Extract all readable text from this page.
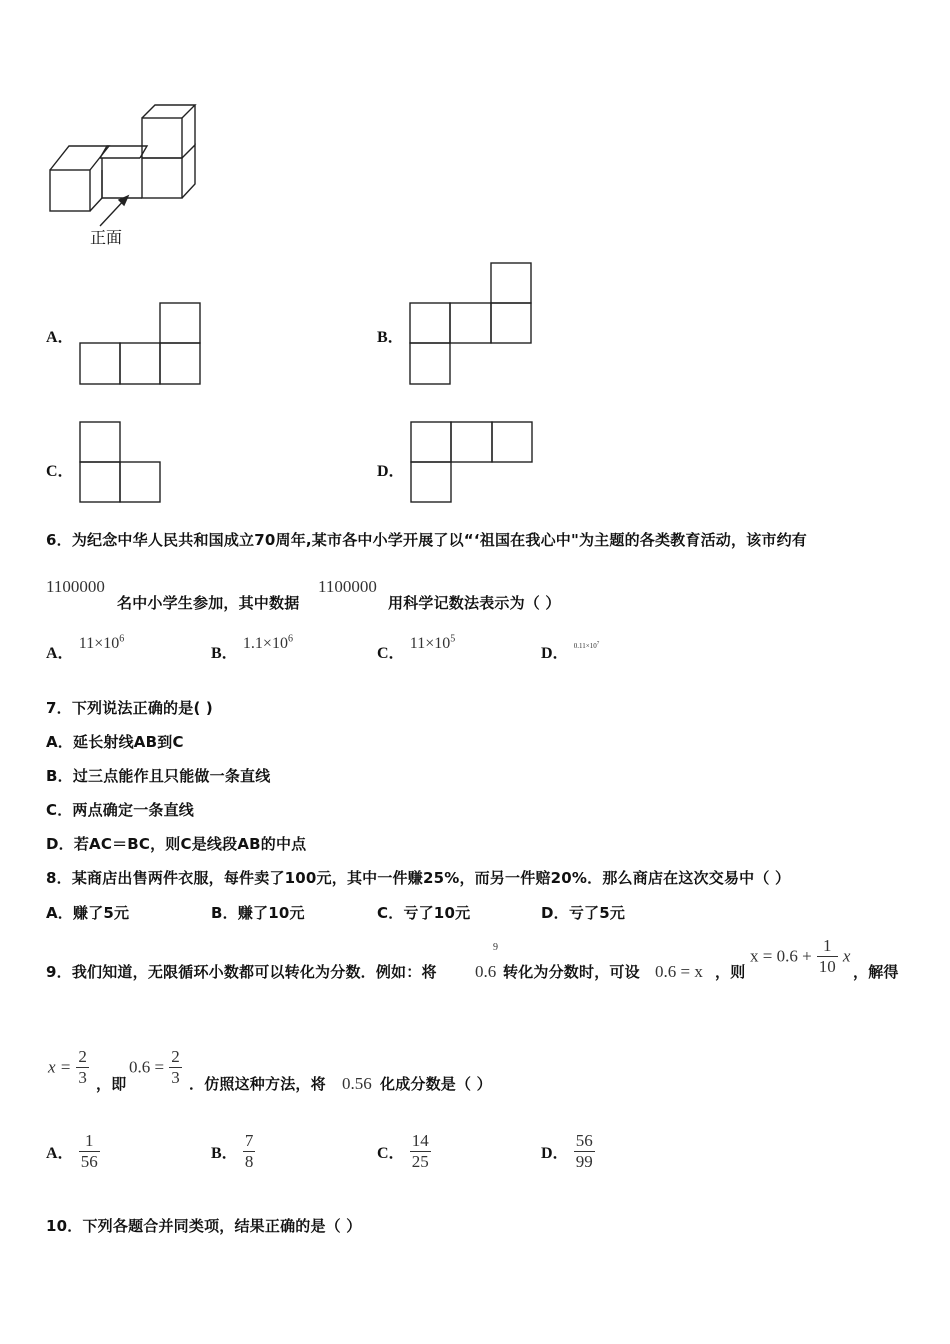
正面
A．	B．
C．	D．
6．为纪念中华人民共和国成立70周年,某市各中小学开展了以“‘祖国在我心中"为主题的各类教育活动，该市约有
1100000
名中小学生参加，其中数据
1100000
用科学记数法表示为（ ）
A． $11\times 10^6$
B． $1.1\times 10^6$
C． $11\times 10^5$
D． $^{0.11\times 10^7}$
7．下列说法正确的是( )
A．延长射线AB到C
B．过三点能作且只能做一条直线
C．两点确定一条直线
D．若AC＝BC，则C是线段AB的中点
8．某商店出售两件衣服，每件卖了100元，其中一件赚25%，而另一件赔20%．那么商店在这次交易中（ ）
A．赚了5元	B．赚了10元	C．亏了10元	D．亏了5元
9．我们知道，无限循环小数都可以转化为分数．例如：将
9
0.6 转化为分数时，可设 0.6 = x ，则
$x = 0.6 + \frac{1}{10}$ x
，解得
$x = \frac{2}{3}$ ，即
$0.6 = \frac{2}{3}$ ．仿照这种方法，将 0.56 化成分数是（ ）
A． $\frac{1}{56}$	B． $\frac{7}{8}$	C． $\frac{14}{25}$	D． $\frac{56}{99}$
10．下列各题合并同类项，结果正确的是（ ）
